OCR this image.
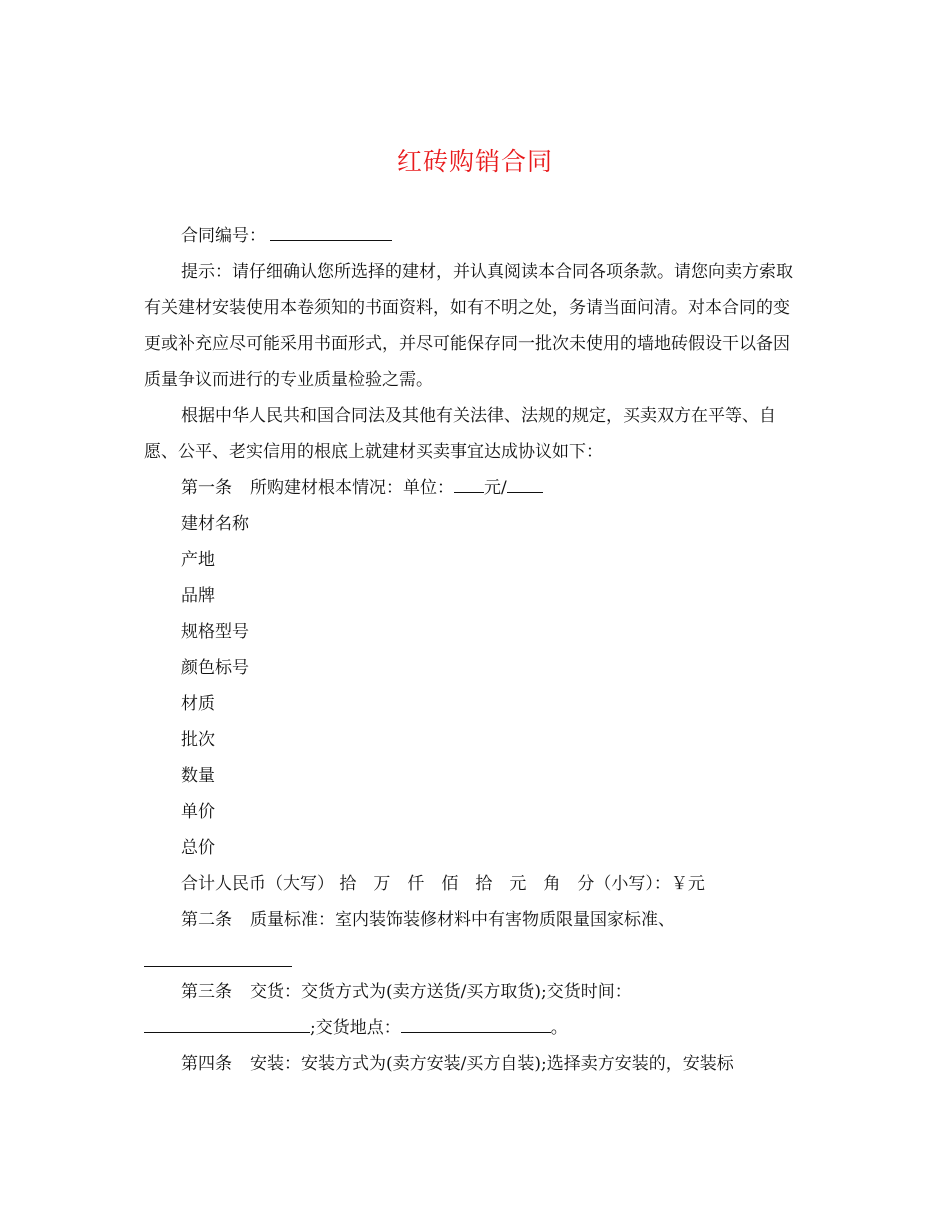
红砖购销合同

合同编号：

提示：请仔细确认您所选择的建材，并认真阅读本合同各项条款。请您向卖方索取有关建材安装使用本卷须知的书面资料，如有不明之处，务请当面问清。对本合同的变更或补充应尽可能采用书面形式，并尽可能保存同一批次未使用的墙地砖假设干以备因质量争议而进行的专业质量检验之需。

根据中华人民共和国合同法及其他有关法律、法规的规定，买卖双方在平等、自愿、公平、老实信用的根底上就建材买卖事宜达成协议如下：

第一条 所购建材根本情况：单位： 元/

建材名称

产地

品牌

规格型号

颜色标号

材质

批次

数量

单价

总价

合计人民币（大写） 拾　万　仟　佰　拾　元　角　分（小写）：￥元

第二条 质量标准：室内装饰装修材料中有害物质限量国家标准、

第三条 交货：交货方式为(卖方送货/买方取货);交货时间：

;交货地点：	。

第四条 安装：安装方式为(卖方安装/买方自装);选择卖方安装的，安装标
